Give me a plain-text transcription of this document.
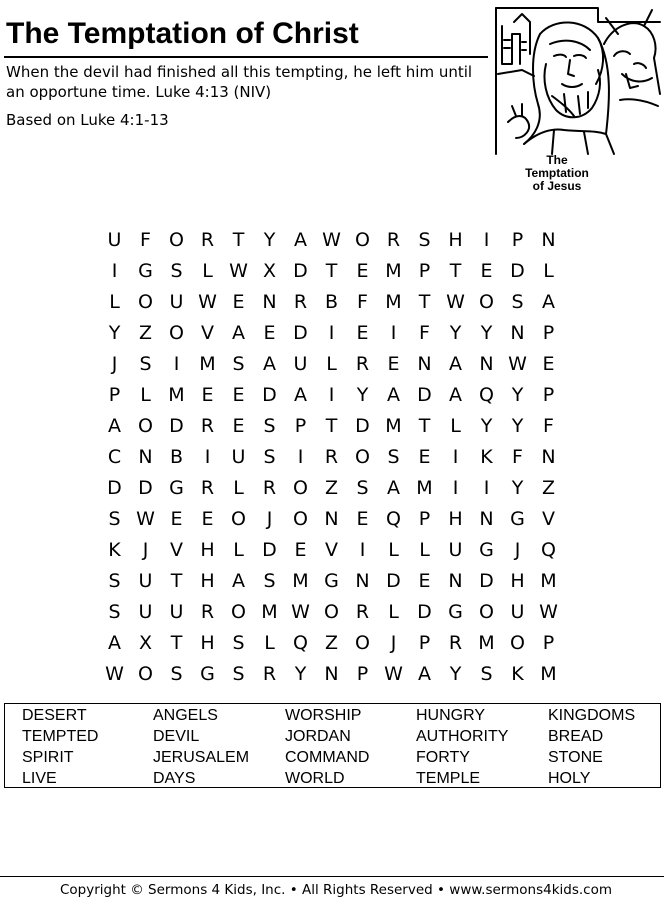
The Temptation of Christ
When the devil had finished all this tempting, he left him until an opportune time. Luke 4:13 (NIV)
Based on Luke 4:1-13
The
Temptation
of Jesus
U F O R T	Y A W O R S H	I	P N
I	G S	L W X D T	E M P	T	E D L
L O U W E N R B	F M T W O S A
Y Z O V A E D	I	E	I	F	Y	Y N P
J	S	I	M S A U L	R E N A N W E
P	L M E E D A	I	Y A D A Q Y	P
A O D R E S	P	T D M T	L	Y	Y	F
C N B	I	U S	I	R O S E	I	K	F N
D D G R	L	R O Z S A M	I	I	Y Z
S W E E O	J	O N E Q P H N G V
K	J	V H L D E V	I	L	L U G	J	Q
S U T H A S M G N D E N D H M
S U U R O M W O R	L D G O U W
A X T H S	L Q Z O	J	P R M O P
W O S G S R Y N P W A Y	S K M
DESERT	ANGELS	WORSHIP	HUNGRY	KINGDOMS
TEMPTED	DEVIL	JORDAN	AUTHORITY	BREAD
SPIRIT	JERUSALEM	COMMAND	FORTY	STONE
LIVE	DAYS	WORLD	TEMPLE	HOLY
Copyright © Sermons 4 Kids, Inc. • All Rights Reserved • www.sermons4kids.com
